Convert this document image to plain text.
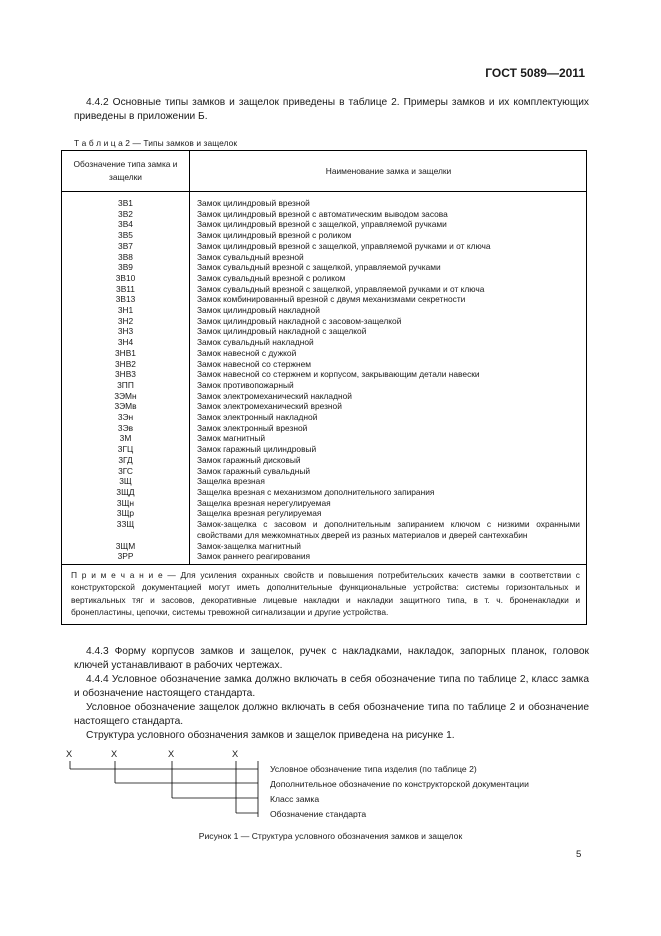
ГОСТ 5089—2011

4.4.2 Основные типы замков и защелок приведены в таблице 2. Примеры замков и их комплектующих приведены в приложении Б.

Т а б л и ц а 2 — Типы замков и защелок
Обозначение типа замка и защелки	Наименование замка и защелки
3В1	Замок цилиндровый врезной
3В2	Замок цилиндровый врезной с автоматическим выводом засова
3В4	Замок цилиндровый врезной с защелкой, управляемой ручками
3В5	Замок цилиндровый врезной с роликом
3В7	Замок цилиндровый врезной с защелкой, управляемой ручками и от ключа
3В8	Замок сувальдный врезной
3В9	Замок сувальдный врезной с защелкой, управляемой ручками
3В10	Замок сувальдный врезной с роликом
3В11	Замок сувальдный врезной с защелкой, управляемой ручками и от ключа
3В13	Замок комбинированный врезной с двумя механизмами секретности
3Н1	Замок цилиндровый накладной
3Н2	Замок цилиндровый накладной с засовом-защелкой
3Н3	Замок цилиндровый накладной с защелкой
3Н4	Замок сувальдный накладной
3НВ1	Замок навесной с дужкой
3НВ2	Замок навесной со стержнем
3НВ3	Замок навесной со стержнем и корпусом, закрывающим детали навески
3ПП	Замок противопожарный
3ЭМн	Замок электромеханический накладной
3ЭМв	Замок электромеханический врезной
3Эн	Замок электронный накладной
3Эв	Замок электронный врезной
3М	Замок магнитный
3ГЦ	Замок гаражный цилиндровый
3ГД	Замок гаражный дисковый
3ГС	Замок гаражный сувальдный
3Щ	Защелка врезная
3ЩД	Защелка врезная с механизмом дополнительного запирания
3Щн	Защелка врезная нерегулируемая
3Щр	Защелка врезная регулируемая
3ЗЩ	Замок-защелка с засовом и дополнительным запиранием ключом с низкими охранными свойствами для межкомнатных дверей из разных материалов и дверей сантехкабин
3ЩМ	Замок-защелка магнитный
3РР	Замок раннего реагирования
П р и м е ч а н и е — Для усиления охранных свойств и повышения потребительских качеств замки в соответствии с конструкторской документацией могут иметь дополнительные функциональные устройства: системы горизонтальных и вертикальных тяг и засовов, декоративные лицевые накладки и накладки защитного типа, в т. ч. броненакладки и бронепластины, цепочки, системы тревожной сигнализации и другие устройства.	

4.4.3 Форму корпусов замков и защелок, ручек с накладками, накладок, запорных планок, головок ключей устанавливают в рабочих чертежах.

4.4.4 Условное обозначение замка должно включать в себя обозначение типа по таблице 2, класс замка и обозначение настоящего стандарта.

Условное обозначение защелок должно включать в себя обозначение типа по таблице 2 и обозначение настоящего стандарта.

Структура условного обозначения замков и защелок приведена на рисунке 1.

X	X	X	X
Условное обозначение типа изделия (по таблице 2)
Дополнительное обозначение по конструкторской документации
Класс замка
Обозначение стандарта
Рисунок 1 — Структура условного обозначения замков и защелок
5
